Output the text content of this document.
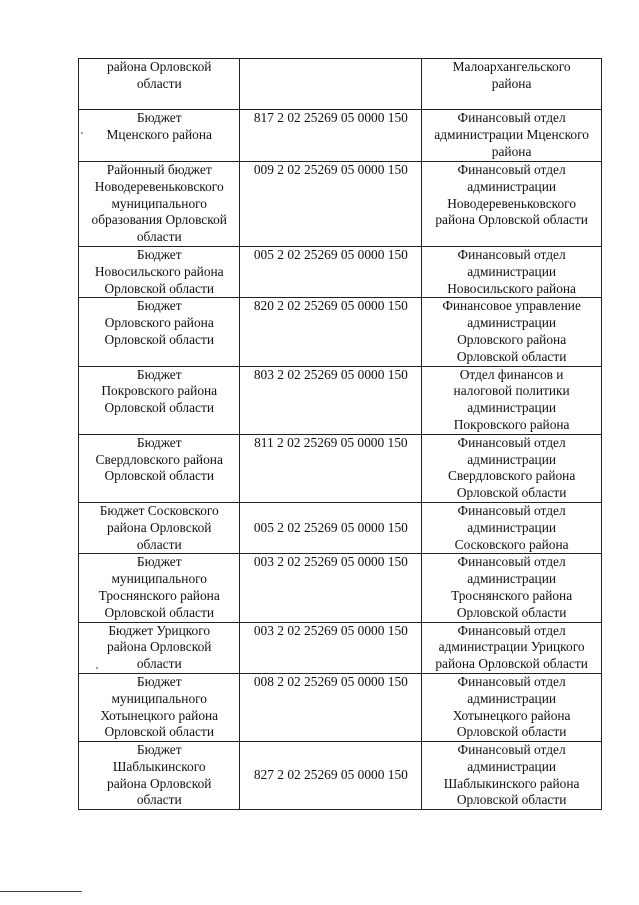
района Орловской
области		Малоархангельского
района

Бюджет
Мценского района	817 2 02 25269 05 0000 150	Финансовый отдел
администрации Мценского
района

Районный бюджет
Новодеревеньковского
муниципального
образования Орловской
области	009 2 02 25269 05 0000 150	Финансовый отдел
администрации
Новодеревеньковского
района Орловской области

Бюджет
Новосильского района
Орловской области	005 2 02 25269 05 0000 150	Финансовый отдел
администрации
Новосильского района

Бюджет
Орловского района
Орловской области	820 2 02 25269 05 0000 150	Финансовое управление
администрации
Орловского района
Орловской области

Бюджет
Покровского района
Орловской области	803 2 02 25269 05 0000 150	Отдел финансов и
налоговой политики
администрации
Покровского района

Бюджет
Свердловского района
Орловской области	811 2 02 25269 05 0000 150	Финансовый отдел
администрации
Свердловского района
Орловской области

Бюджет Сосковского
района Орловской
области	005 2 02 25269 05 0000 150	Финансовый отдел
администрации
Сосковского района

Бюджет
муниципального
Троснянского района
Орловской области	003 2 02 25269 05 0000 150	Финансовый отдел
администрации
Троснянского района
Орловской области

Бюджет Урицкого
района Орловской
области	003 2 02 25269 05 0000 150	Финансовый отдел
администрации Урицкого
района Орловской области

Бюджет
муниципального
Хотынецкого района
Орловской области	008 2 02 25269 05 0000 150	Финансовый отдел
администрации
Хотынецкого района
Орловской области

Бюджет
Шаблыкинского
района Орловской
области	827 2 02 25269 05 0000 150	Финансовый отдел
администрации
Шаблыкинского района
Орловской области
